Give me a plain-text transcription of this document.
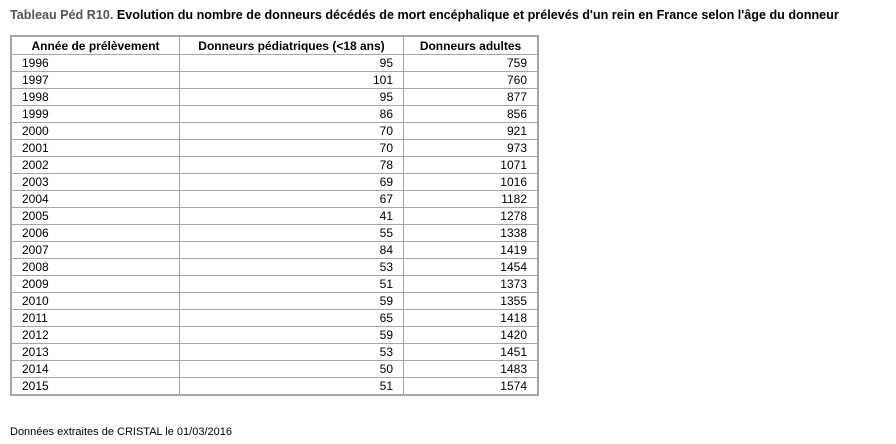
Tableau Péd R10. Evolution du nombre de donneurs décédés de mort encéphalique et prélevés d'un rein en France selon l'âge du donneur
Année de prélèvement	Donneurs pédiatriques (<18 ans)	Donneurs adultes
1996	95	759
1997	101	760
1998	95	877
1999	86	856
2000	70	921
2001	70	973
2002	78	1071
2003	69	1016
2004	67	1182
2005	41	1278
2006	55	1338
2007	84	1419
2008	53	1454
2009	51	1373
2010	59	1355
2011	65	1418
2012	59	1420
2013	53	1451
2014	50	1483
2015	51	1574
Données extraites de CRISTAL le 01/03/2016
